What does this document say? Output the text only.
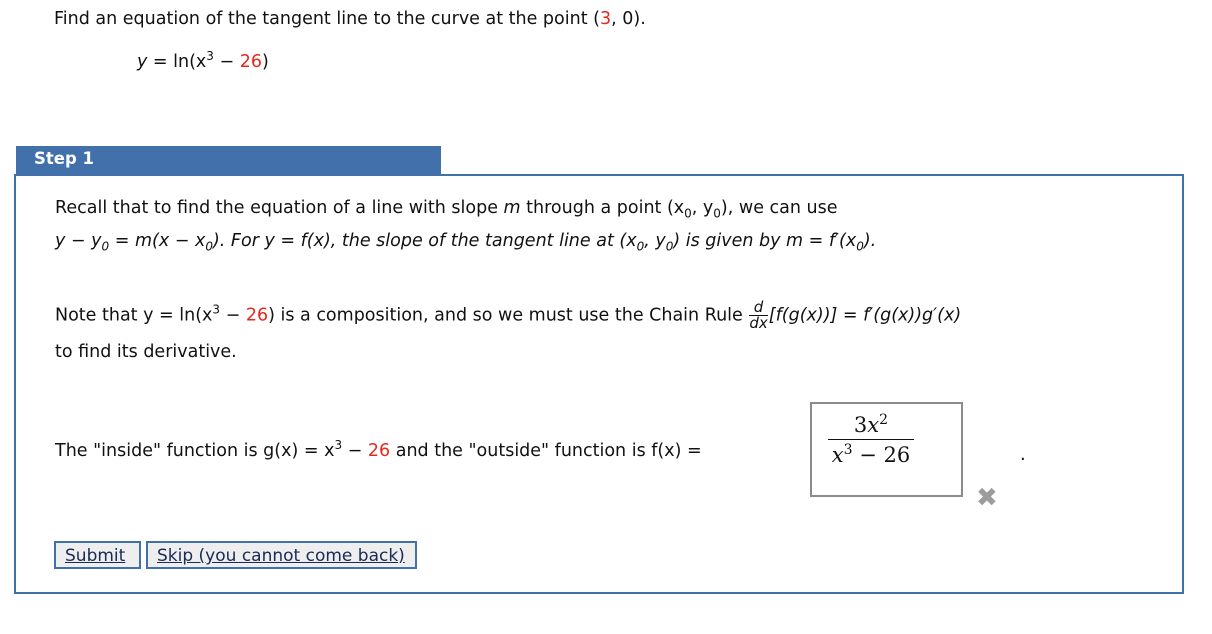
Find an equation of the tangent line to the curve at the point (3, 0).
$y = \ln(x^3 - 26)$
Step 1
Recall that to find the equation of a line with slope m through a point ($x_0$, $y_0$), we can use
$y - y_0 = m(x - x_0)$. For y = f(x), the slope of the tangent line at ($x_0$, $y_0$) is given by $m = f'(x_0)$.
Note that $y = \ln(x^3 - 26)$ is a composition, and so we must use the Chain Rule $\frac{d}{dx} [f(g(x))] = f'(g(x))g'(x)$
to find its derivative.
The "inside" function is $g(x) = x^3 - 26$ and the "outside" function is f(x) =	$\frac{3x^2}{x^3 - 26}$	.
✖
Submit	Skip (you cannot come back)
